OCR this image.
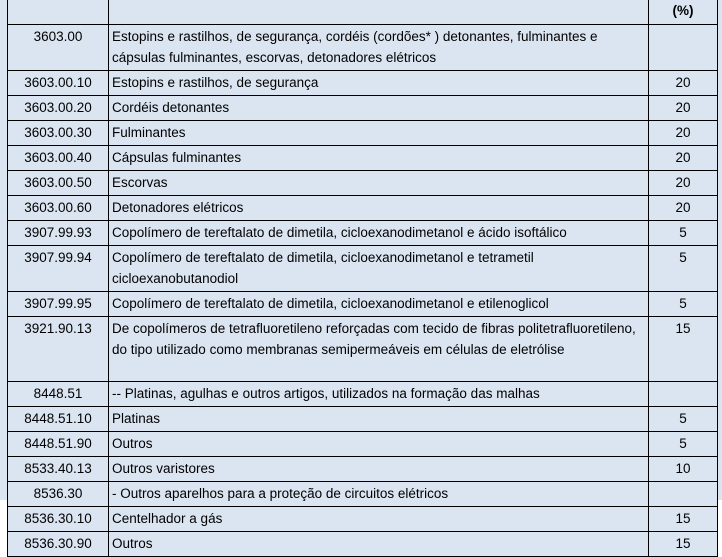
		(%)
3603.00	Estopins e rastilhos, de segurança, cordéis (cordões* ) detonantes, fulminantes e cápsulas fulminantes, escorvas, detonadores elétricos	
3603.00.10	Estopins e rastilhos, de segurança	20
3603.00.20	Cordéis detonantes	20
3603.00.30	Fulminantes	20
3603.00.40	Cápsulas fulminantes	20
3603.00.50	Escorvas	20
3603.00.60	Detonadores elétricos	20
3907.99.93	Copolímero de tereftalato de dimetila, cicloexanodimetanol e ácido isoftálico	5
3907.99.94	Copolímero de tereftalato de dimetila, cicloexanodimetanol e tetrametil cicloexanobutanodiol	5
3907.99.95	Copolímero de tereftalato de dimetila, cicloexanodimetanol e etilenoglicol	5
3921.90.13	De copolímeros de tetrafluoretileno reforçadas com tecido de fibras politetrafluoretileno, do tipo utilizado como membranas semipermeáveis em células de eletrólise	15
8448.51	-- Platinas, agulhas e outros artigos, utilizados na formação das malhas	
8448.51.10	Platinas	5
8448.51.90	Outros	5
8533.40.13	Outros varistores	10
8536.30	- Outros aparelhos para a proteção de circuitos elétricos	
8536.30.10	Centelhador a gás	15
8536.30.90	Outros	15
